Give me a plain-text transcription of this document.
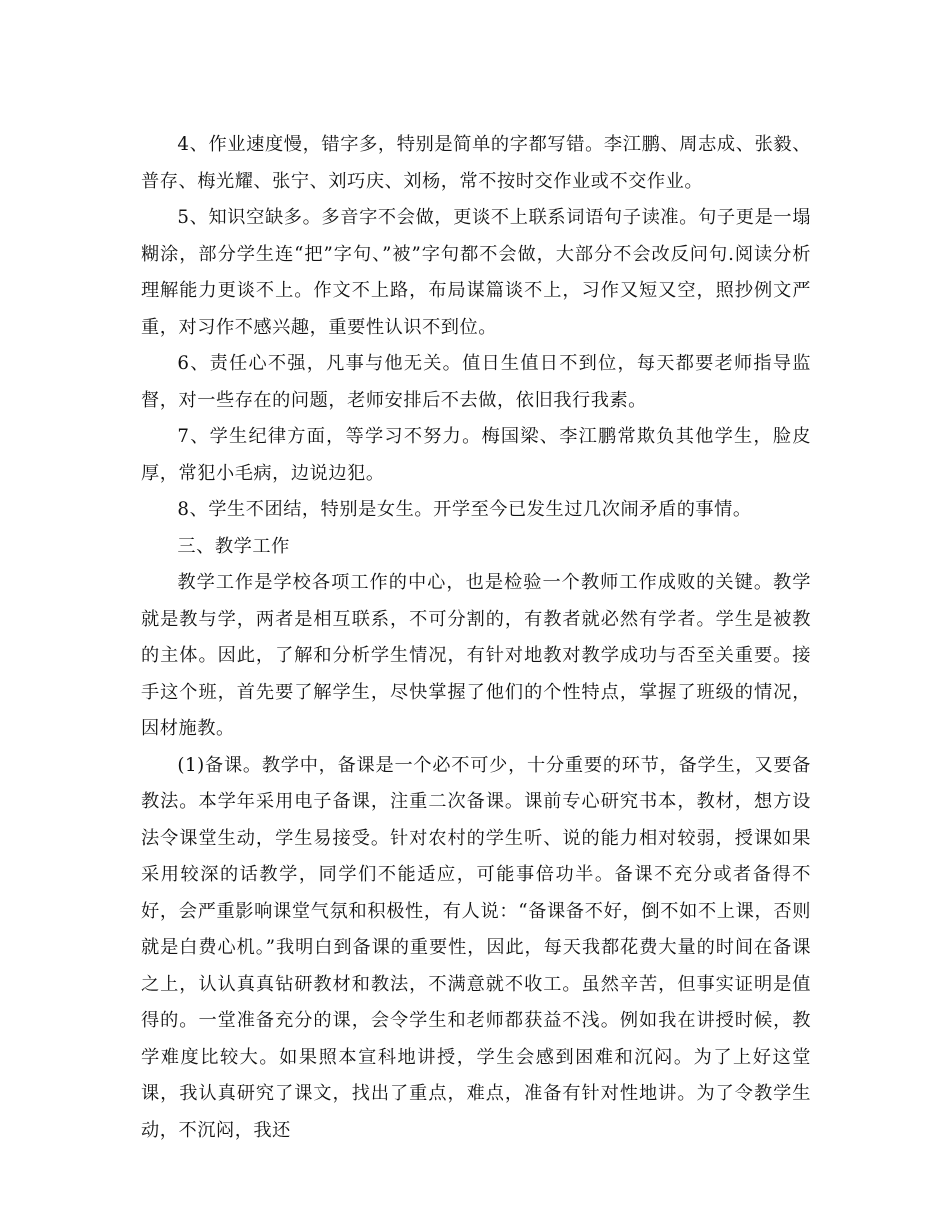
4、作业速度慢，错字多，特别是简单的字都写错。李江鹏、周志成、张毅、普存、梅光耀、张宁、刘巧庆、刘杨，常不按时交作业或不交作业。

5、知识空缺多。多音字不会做，更谈不上联系词语句子读准。句子更是一塌糊涂，部分学生连“把”字句、”被”字句都不会做，大部分不会改反问句.阅读分析理解能力更谈不上。作文不上路，布局谋篇谈不上，习作又短又空，照抄例文严重，对习作不感兴趣，重要性认识不到位。

6、责任心不强，凡事与他无关。值日生值日不到位，每天都要老师指导监督，对一些存在的问题，老师安排后不去做，依旧我行我素。

7、学生纪律方面，等学习不努力。梅国梁、李江鹏常欺负其他学生，脸皮厚，常犯小毛病，边说边犯。

8、学生不团结，特别是女生。开学至今已发生过几次闹矛盾的事情。

三、教学工作

教学工作是学校各项工作的中心，也是检验一个教师工作成败的关键。教学就是教与学，两者是相互联系，不可分割的，有教者就必然有学者。学生是被教的主体。因此，了解和分析学生情况，有针对地教对教学成功与否至关重要。接手这个班，首先要了解学生，尽快掌握了他们的个性特点，掌握了班级的情况，因材施教。

(1)备课。教学中，备课是一个必不可少，十分重要的环节，备学生，又要备教法。本学年采用电子备课，注重二次备课。课前专心研究书本，教材，想方设法令课堂生动，学生易接受。针对农村的学生听、说的能力相对较弱，授课如果采用较深的话教学，同学们不能适应，可能事倍功半。备课不充分或者备得不好，会严重影响课堂气氛和积极性，有人说：“备课备不好，倒不如不上课，否则就是白费心机。”我明白到备课的重要性，因此，每天我都花费大量的时间在备课之上，认认真真钻研教材和教法，不满意就不收工。虽然辛苦，但事实证明是值得的。一堂准备充分的课，会令学生和老师都获益不浅。例如我在讲授时候，教学难度比较大。如果照本宣科地讲授，学生会感到困难和沉闷。为了上好这堂课，我认真研究了课文，找出了重点，难点，准备有针对性地讲。为了令教学生动，不沉闷，我还
